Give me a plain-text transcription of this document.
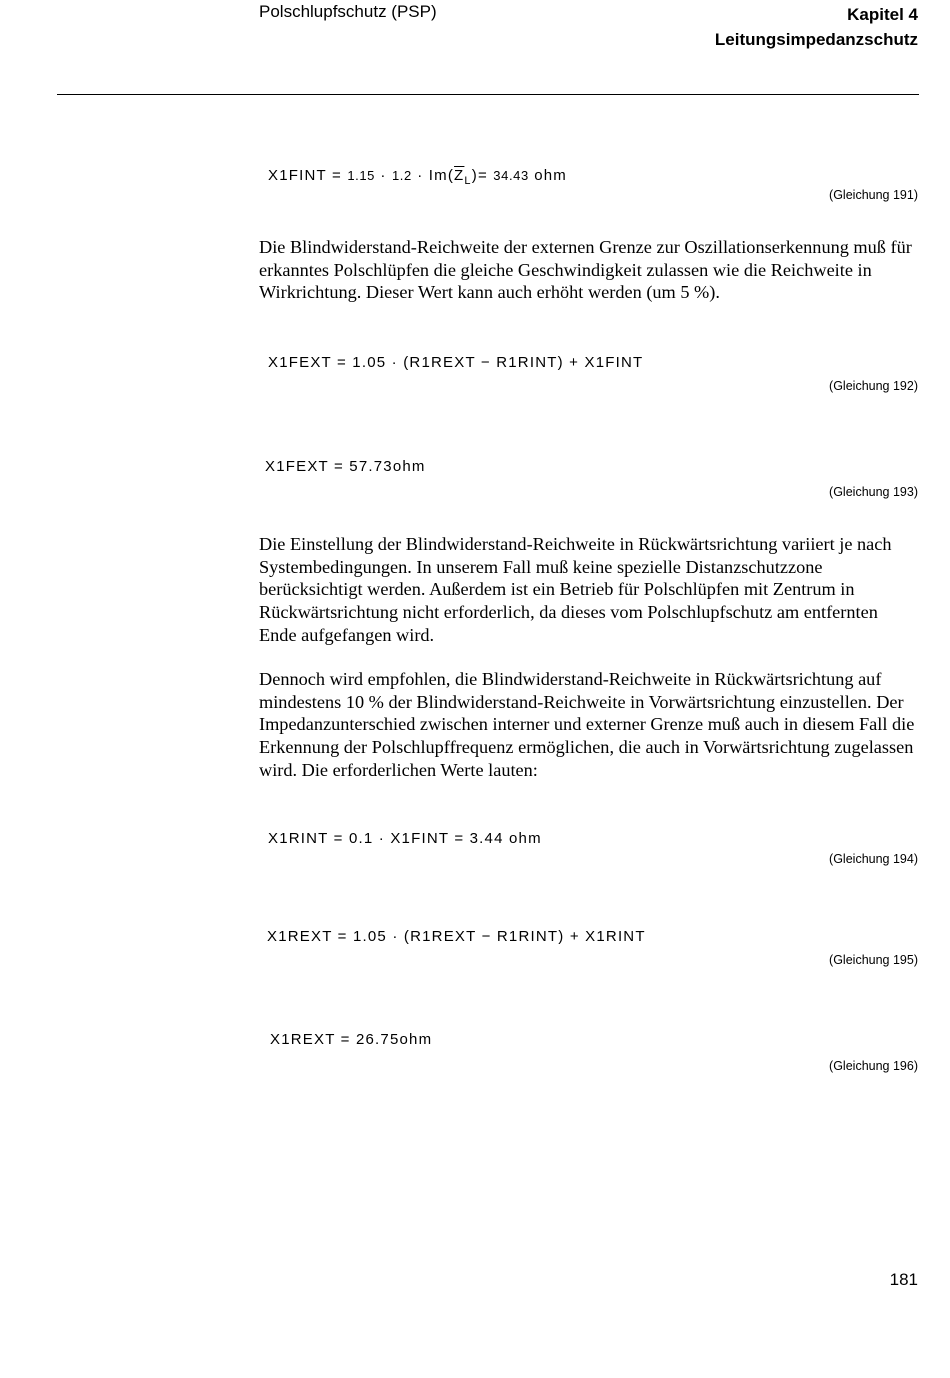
Polschlupfschutz (PSP)	Kapitel 4
Leitungsimpedanzschutz
X1FINT = $1.15 \cdot 1.2 \cdot Im(\overline{Z}_L)= 34.43$ ohm
(Gleichung 191)
Die Blindwiderstand-Reichweite der externen Grenze zur Oszillationserkennung muß für erkanntes Polschlüpfen die gleiche Geschwindigkeit zulassen wie die Reichweite in Wirkrichtung. Dieser Wert kann auch erhöht werden (um 5 %).
X1FEXT = 1.05 · (R1REXT − R1RINT) + X1FINT
(Gleichung 192)
X1FEXT = 57.73ohm
(Gleichung 193)
Die Einstellung der Blindwiderstand-Reichweite in Rückwärtsrichtung variiert je nach Systembedingungen. In unserem Fall muß keine spezielle Distanzschutzzone berücksichtigt werden. Außerdem ist ein Betrieb für Polschlüpfen mit Zentrum in Rückwärtsrichtung nicht erforderlich, da dieses vom Polschlupfschutz am entfernten Ende aufgefangen wird.
Dennoch wird empfohlen, die Blindwiderstand-Reichweite in Rückwärtsrichtung auf mindestens 10 % der Blindwiderstand-Reichweite in Vorwärtsrichtung einzustellen. Der Impedanzunterschied zwischen interner und externer Grenze muß auch in diesem Fall die Erkennung der Polschlupffrequenz ermöglichen, die auch in Vorwärtsrichtung zugelassen wird. Die erforderlichen Werte lauten:
X1RINT = 0.1 · X1FINT = 3.44 ohm
(Gleichung 194)
X1REXT = 1.05 · (R1REXT − R1RINT) + X1RINT
(Gleichung 195)
X1REXT = 26.75ohm
(Gleichung 196)
181
